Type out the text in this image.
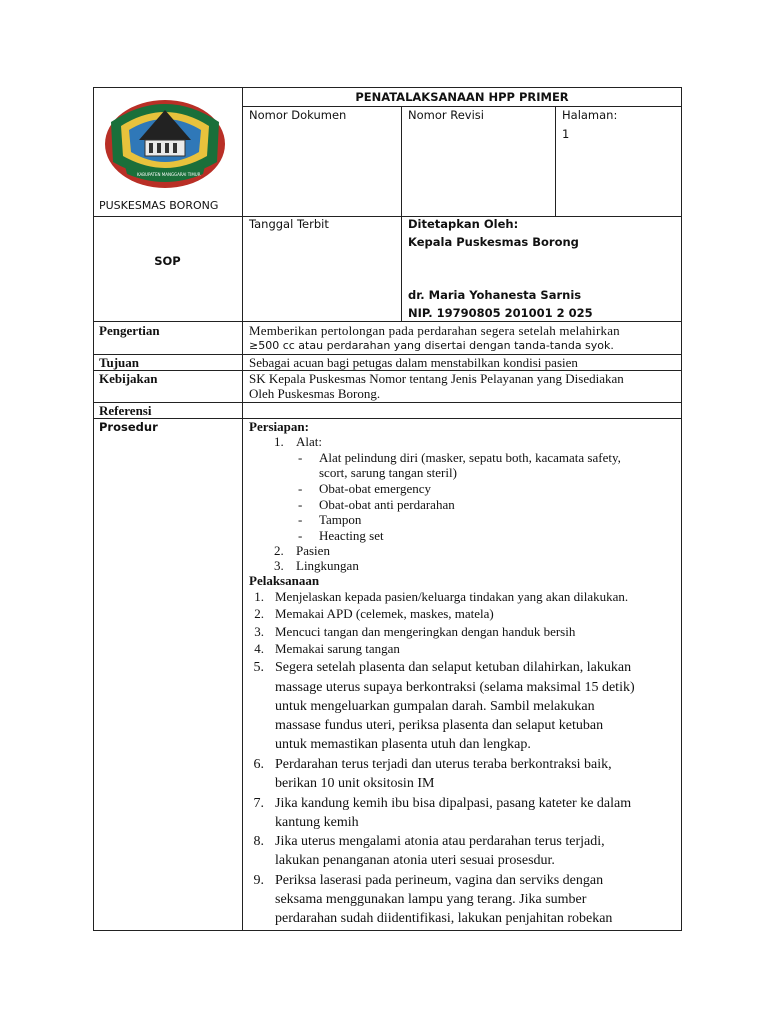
KABUPATEN MANGGARAI TIMUR
PUSKESMAS BORONG
PENATALAKSANAAN HPP PRIMER
Nomor Dokumen	Nomor Revisi	Halaman:
1
SOP
Tanggal Terbit	Ditetapkan Oleh:
Kepala Puskesmas Borong
dr. Maria Yohanesta Sarnis
NIP. 19790805 201001 2 025
Pengertian	Memberikan pertolongan pada perdarahan segera setelah melahirkan
≥500 cc atau perdarahan yang disertai dengan tanda-tanda syok.
Tujuan	Sebagai acuan bagi petugas dalam menstabilkan kondisi pasien
Kebijakan	SK Kepala Puskesmas Nomor tentang Jenis Pelayanan yang Disediakan
Oleh Puskesmas Borong.
Referensi
Prosedur	Persiapan:
1. Alat:
- Alat pelindung diri (masker, sepatu both, kacamata safety,
scort, sarung tangan steril)
- Obat-obat emergency
- Obat-obat anti perdarahan
- Tampon
- Heacting set
2. Pasien
3. Lingkungan
Pelaksanaan
1. Menjelaskan kepada pasien/keluarga tindakan yang akan dilakukan.
2. Memakai APD (celemek, maskes, matela)
3. Mencuci tangan dan mengeringkan dengan handuk bersih
4. Memakai sarung tangan
5. Segera setelah plasenta dan selaput ketuban dilahirkan, lakukan
massage uterus supaya berkontraksi (selama maksimal 15 detik)
untuk mengeluarkan gumpalan darah. Sambil melakukan
massase fundus uteri, periksa plasenta dan selaput ketuban
untuk memastikan plasenta utuh dan lengkap.
6. Perdarahan terus terjadi dan uterus teraba berkontraksi baik,
berikan 10 unit oksitosin IM
7. Jika kandung kemih ibu bisa dipalpasi, pasang kateter ke dalam
kantung kemih
8. Jika uterus mengalami atonia atau perdarahan terus terjadi,
lakukan penanganan atonia uteri sesuai prosesdur.
9. Periksa laserasi pada perineum, vagina dan serviks dengan
seksama menggunakan lampu yang terang. Jika sumber
perdarahan sudah diidentifikasi, lakukan penjahitan robekan
